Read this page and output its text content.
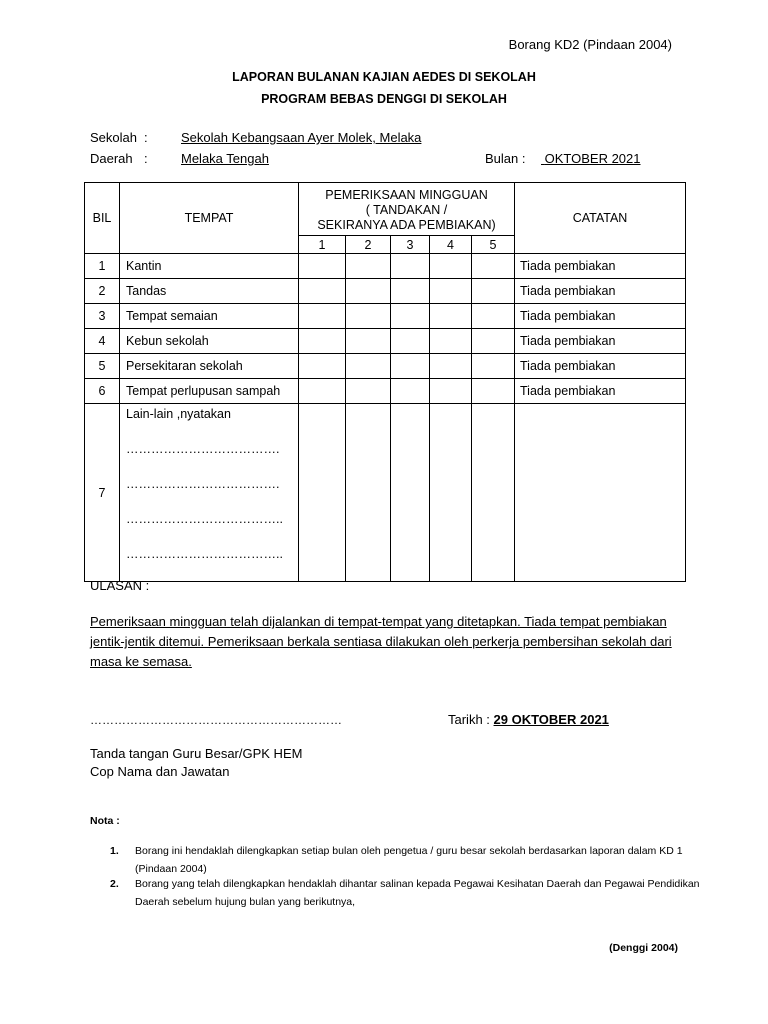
Borang KD2 (Pindaan 2004)
LAPORAN BULANAN KAJIAN AEDES DI SEKOLAH
PROGRAM BEBAS DENGGI DI SEKOLAH
Sekolah :	Sekolah Kebangsaan Ayer Molek, Melaka
Daerah :	Melaka Tengah	Bulan : OKTOBER 2021
BIL	TEMPAT	PEMERIKSAAN MINGGUAN
( TANDAKAN /
SEKIRANYA ADA PEMBIAKAN)					CATATAN
		1	2	3	4	5	
1	Kantin						Tiada pembiakan
2	Tandas						Tiada pembiakan
3	Tempat semaian						Tiada pembiakan
4	Kebun sekolah						Tiada pembiakan
5	Persekitaran sekolah						Tiada pembiakan
6	Tempat perlupusan sampah						Tiada pembiakan
7	Lain-lain ,nyatakan
……………………………….
……………………………….
………………………………..
………………………………..						

ULASAN :
Pemeriksaan mingguan telah dijalankan di tempat-tempat yang ditetapkan. Tiada tempat pembiakan jentik-jentik ditemui. Pemeriksaan berkala sentiasa dilakukan oleh perkerja pembersihan sekolah dari masa ke semasa.
………………………………………………………	Tarikh : 29 OKTOBER 2021
Tanda tangan Guru Besar/GPK HEM
Cop Nama dan Jawatan
Nota :
1.	Borang ini hendaklah dilengkapkan setiap bulan oleh pengetua / guru besar sekolah berdasarkan laporan dalam KD 1 (Pindaan 2004)
2.	Borang yang telah dilengkapkan hendaklah dihantar salinan kepada Pegawai Kesihatan Daerah dan Pegawai Pendidikan Daerah sebelum hujung bulan yang berikutnya,
(Denggi 2004)
